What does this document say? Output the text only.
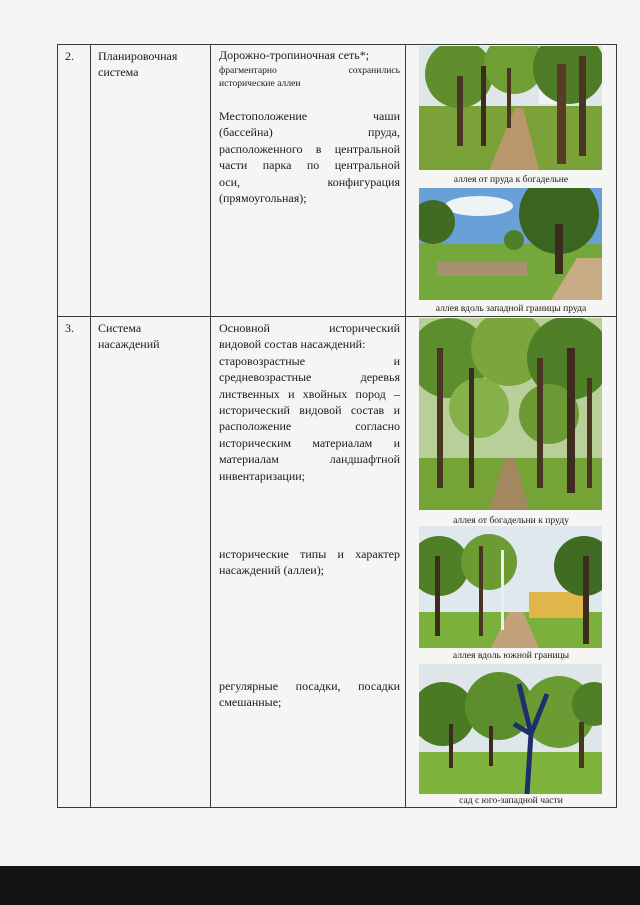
2. Планировочная
система
Дорожно-тропиночная сеть*;
фрагментарно сохранились
исторические аллеи
Местоположение чаши
(бассейна) пруда,
расположенного в центральной
части парка по центральной
оси, конфигурация
(прямоугольная);
аллея от пруда к богадельне
аллея вдоль западной границы пруда
3. Система
насаждений
Основной исторический
видовой состав насаждений:
старовозрастные и
средневозрастные деревья
лиственных и хвойных пород –
исторический видовой состав и
расположение согласно
историческим материалам и
материалам ландшафтной
инвентаризации;
исторические типы и характер
насаждений (аллеи);
регулярные посадки, посадки
смешанные;
аллея от богадельни к пруду
аллея вдоль южной границы
сад с юго-западной части
